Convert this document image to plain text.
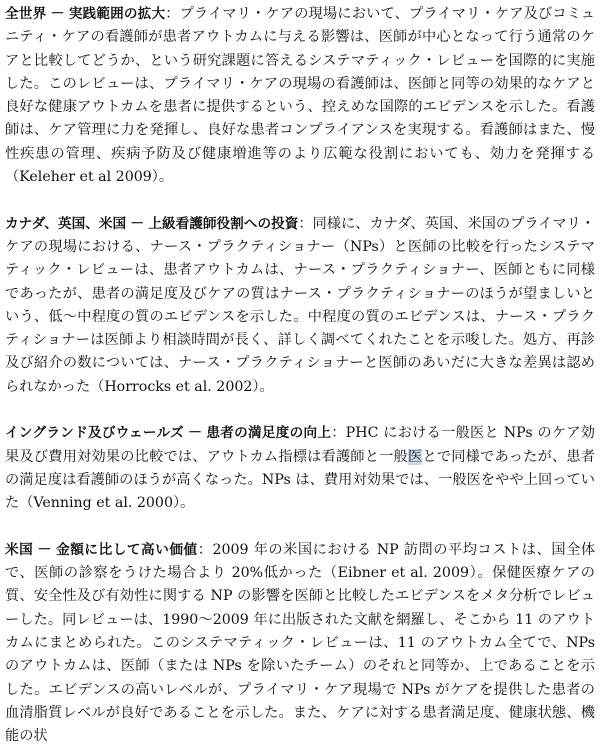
全世界 － 実践範囲の拡大：プライマリ・ケアの現場において、プライマリ・ケア及びコミュニティ・ケアの看護師が患者アウトカムに与える影響は、医師が中心となって行う通常のケアと比較してどうか、という研究課題に答えるシステマティック・レビューを国際的に実施した。このレビューは、プライマリ・ケアの現場の看護師は、医師と同等の効果的なケアと良好な健康アウトカムを患者に提供するという、控えめな国際的エビデンスを示した。看護師は、ケア管理に力を発揮し、良好な患者コンプライアンスを実現する。看護師はまた、慢性疾患の管理、疾病予防及び健康増進等のより広範な役割においても、効力を発揮する（Keleher et al 2009）。

カナダ、英国、米国 － 上級看護師役割への投資：同様に、カナダ、英国、米国のプライマリ・ケアの現場における、ナース・プラクティショナー（NPs）と医師の比較を行ったシステマティック・レビューは、患者アウトカムは、ナース・プラクティショナー、医師ともに同様であったが、患者の満足度及びケアの質はナース・プラクティショナーのほうが望ましいという、低～中程度の質のエビデンスを示した。中程度の質のエビデンスは、ナース・プラクティショナーは医師より相談時間が長く、詳しく調べてくれたことを示唆した。処方、再診及び紹介の数については、ナース・プラクティショナーと医師のあいだに大きな差異は認められなかった（Horrocks et al. 2002）。

イングランド及びウェールズ － 患者の満足度の向上：PHC における一般医と NPs のケア効果及び費用対効果の比較では、アウトカム指標は看護師と一般医とで同様であったが、患者の満足度は看護師のほうが高くなった。NPs は、費用対効果では、一般医をやや上回っていた（Venning et al. 2000）。

米国 － 金額に比して高い価値：2009 年の米国における NP 訪問の平均コストは、国全体で、医師の診察をうけた場合より 20%低かった（Eibner et al. 2009）。保健医療ケアの質、安全性及び有効性に関する NP の影響を医師と比較したエビデンスをメタ分析でレビューした。同レビューは、1990～2009 年に出版された文献を網羅し、そこから 11 のアウトカムにまとめられた。このシステマティック・レビューは、11 のアウトカム全てで、NPs のアウトカムは、医師（または NPs を除いたチーム）のそれと同等か、上であることを示した。エビデンスの高いレベルが、プライマリ・ケア現場で NPs がケアを提供した患者の血清脂質レベルが良好であることを示した。また、ケアに対する患者満足度、健康状態、機能の状
